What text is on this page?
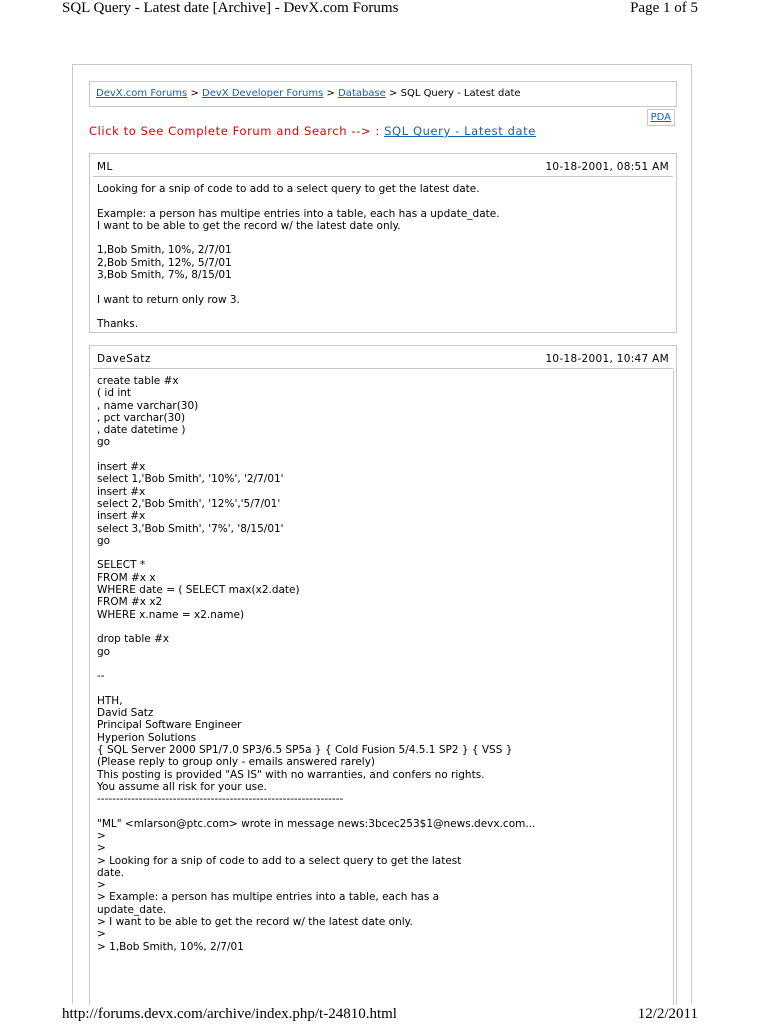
SQL Query - Latest date [Archive] - DevX.com Forums	Page 1 of 5
DevX.com Forums > DevX Developer Forums > Database > SQL Query - Latest date
PDA
Click to See Complete Forum and Search --> : SQL Query - Latest date
ML	10-18-2001, 08:51 AM
Looking for a snip of code to add to a select query to get the latest date.
Example: a person has multipe entries into a table, each has a update_date.
I want to be able to get the record w/ the latest date only.
1,Bob Smith, 10%, 2/7/01
2,Bob Smith, 12%, 5/7/01
3,Bob Smith, 7%, 8/15/01
I want to return only row 3.
Thanks.
DaveSatz	10-18-2001, 10:47 AM
create table #x
( id int
, name varchar(30)
, pct varchar(30)
, date datetime )
go
insert #x
select 1,'Bob Smith', '10%', '2/7/01'
insert #x
select 2,'Bob Smith', '12%','5/7/01'
insert #x
select 3,'Bob Smith', '7%', '8/15/01'
go
SELECT *
FROM #x x
WHERE date = ( SELECT max(x2.date)
FROM #x x2
WHERE x.name = x2.name)
drop table #x
go
--
HTH,
David Satz
Principal Software Engineer
Hyperion Solutions
{ SQL Server 2000 SP1/7.0 SP3/6.5 SP5a } { Cold Fusion 5/4.5.1 SP2 } { VSS }
(Please reply to group only - emails answered rarely)
This posting is provided "AS IS" with no warranties, and confers no rights.
You assume all risk for your use.
-----------------------------------------------------------------
"ML" <mlarson@ptc.com> wrote in message news:3bcec253$1@news.devx.com...
>
>
> Looking for a snip of code to add to a select query to get the latest
date.
>
> Example: a person has multipe entries into a table, each has a
update_date.
> I want to be able to get the record w/ the latest date only.
>
> 1,Bob Smith, 10%, 2/7/01
http://forums.devx.com/archive/index.php/t-24810.html	12/2/2011
